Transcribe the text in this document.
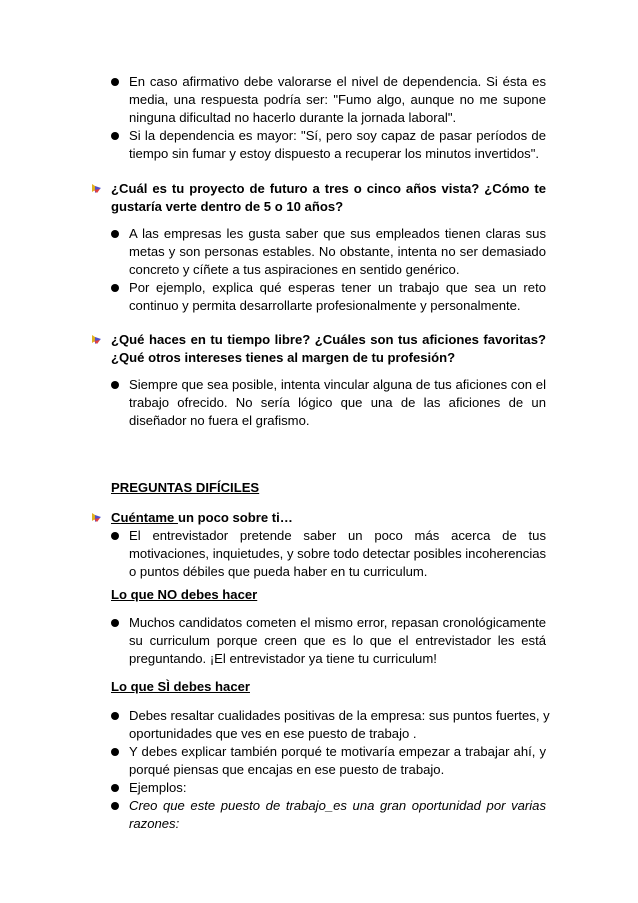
En caso afirmativo debe valorarse el nivel de dependencia. Si ésta es
media, una respuesta podría ser: "Fumo algo, aunque no me supone
ninguna dificultad no hacerlo durante la jornada laboral".
Si la dependencia es mayor: "Sí, pero soy capaz de pasar períodos de
tiempo sin fumar y estoy dispuesto a recuperar los minutos invertidos".
¿Cuál es tu proyecto de futuro a tres o cinco años vista? ¿Cómo te
gustaría verte dentro de 5 o 10 años?
A las empresas les gusta saber que sus empleados tienen claras sus
metas y son personas estables. No obstante, intenta no ser demasiado
concreto y cíñete a tus aspiraciones en sentido genérico.
Por ejemplo, explica qué esperas tener un trabajo que sea un reto
continuo y permita desarrollarte profesionalmente y personalmente.
¿Qué haces en tu tiempo libre? ¿Cuáles son tus aficiones favoritas?
¿Qué otros intereses tienes al margen de tu profesión?
Siempre que sea posible, intenta vincular alguna de tus aficiones con el
trabajo ofrecido. No sería lógico que una de las aficiones de un
diseñador no fuera el grafismo.
PREGUNTAS DIFÍCILES
Cuéntame un poco sobre ti…
El entrevistador pretende saber un poco más acerca de tus
motivaciones, inquietudes, y sobre todo detectar posibles incoherencias
o puntos débiles que pueda haber en tu curriculum.
Lo que NO debes hacer
Muchos candidatos cometen el mismo error, repasan cronológicamente
su curriculum porque creen que es lo que el entrevistador les está
preguntando. ¡El entrevistador ya tiene tu curriculum!
Lo que SÌ debes hacer
Debes resaltar cualidades positivas de la empresa: sus puntos fuertes, y
oportunidades que ves en ese puesto de trabajo .
Y debes explicar también porqué te motivaría empezar a trabajar ahí, y
porqué piensas que encajas en ese puesto de trabajo.
Ejemplos:
Creo que este puesto de trabajo_es una gran oportunidad por varias
razones:
